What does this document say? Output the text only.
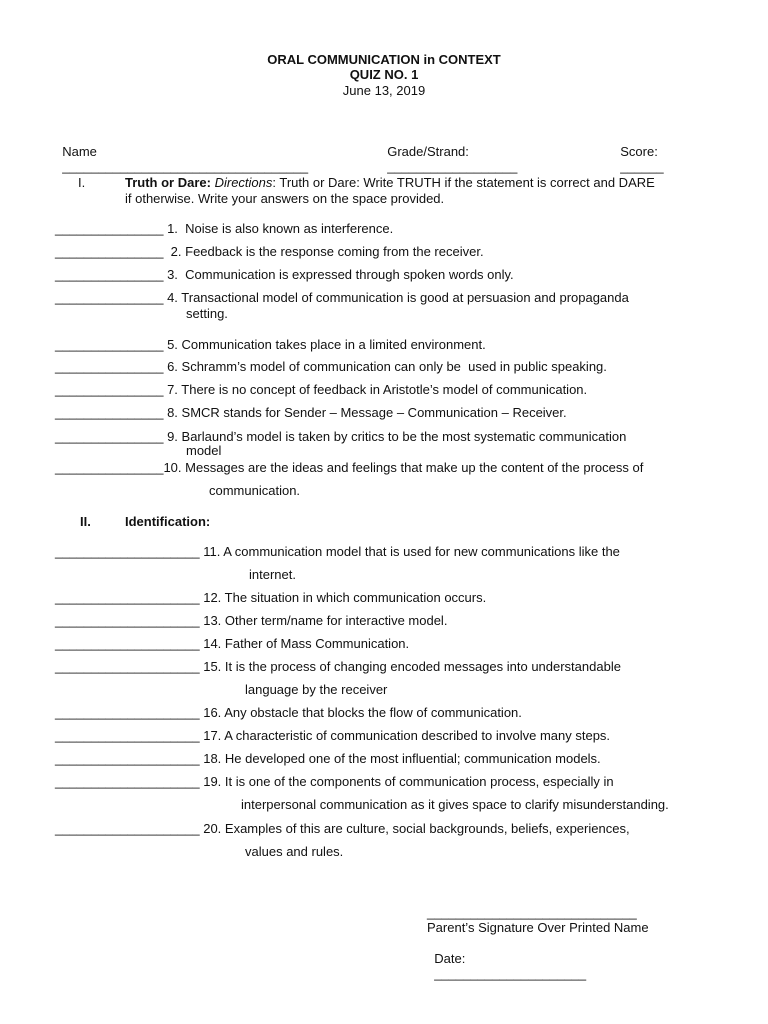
ORAL COMMUNICATION in CONTEXT
QUIZ NO. 1
June 13, 2019

Name
__________________________________

Grade/Strand:
__________________

Score:
______

I.	Truth or Dare: Directions: Truth or Dare: Write TRUTH if the statement is correct and DARE
if otherwise. Write your answers on the space provided.
_______________ 1.  Noise is also known as interference.
_______________  2. Feedback is the response coming from the receiver.
_______________ 3.  Communication is expressed through spoken words only.
_______________ 4. Transactional model of communication is good at persuasion and propaganda
setting.
_______________ 5. Communication takes place in a limited environment.
_______________ 6. Schramm’s model of communication can only be  used in public speaking.
_______________ 7. There is no concept of feedback in Aristotle’s model of communication.
_______________ 8. SMCR stands for Sender – Message – Communication – Receiver.
_______________ 9. Barlaund’s model is taken by critics to be the most systematic communication
model
_______________10. Messages are the ideas and feelings that make up the content of the process of
communication.
II.	Identification:
____________________ 11. A communication model that is used for new communications like the
internet.
____________________ 12. The situation in which communication occurs.
____________________ 13. Other term/name for interactive model.
____________________ 14. Father of Mass Communication.
____________________ 15. It is the process of changing encoded messages into understandable
language by the receiver
____________________ 16. Any obstacle that blocks the flow of communication.
____________________ 17. A characteristic of communication described to involve many steps.
____________________ 18. He developed one of the most influential; communication models.
____________________ 19. It is one of the components of communication process, especially in
interpersonal communication as it gives space to clarify misunderstanding.
____________________ 20. Examples of this are culture, social backgrounds, beliefs, experiences,
values and rules.
_____________________________
Parent’s Signature Over Printed Name

Date:
_____________________
